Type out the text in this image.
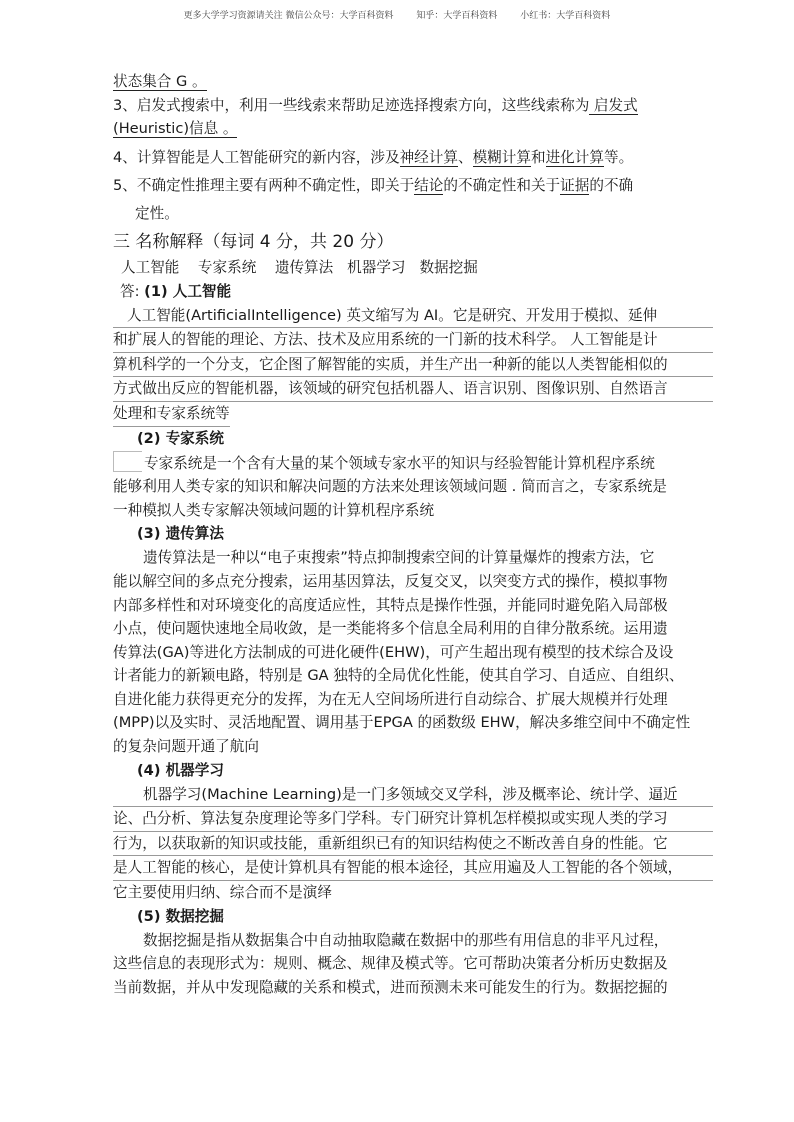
更多大学学习资源请关注 微信公众号：大学百科资料        知乎：大学百科资料        小红书：大学百科资料
状态集合 G 。
3、启发式搜索中，利用一些线索来帮助足迹选择搜索方向，这些线索称为 启发式
(Heuristic)信息 。
4、计算智能是人工智能研究的新内容，涉及神经计算、模糊计算和进化计算等。
5、不确定性推理主要有两种不确定性，即关于结论的不确定性和关于证据的不确
定性。
三 名称解释（每词 4 分，共 20 分）
人工智能    专家系统    遗传算法   机器学习   数据挖掘
答: (1) 人工智能
人工智能(ArtificialIntelligence) 英文缩写为 AI。它是研究、开发用于模拟、延伸
和扩展人的智能的理论、方法、技术及应用系统的一门新的技术科学。 人工智能是计
算机科学的一个分支，它企图了解智能的实质，并生产出一种新的能以人类智能相似的
方式做出反应的智能机器，该领域的研究包括机器人、语言识别、图像识别、自然语言
处理和专家系统等
(2) 专家系统
专家系统是一个含有大量的某个领域专家水平的知识与经验智能计算机程序系统
能够利用人类专家的知识和解决问题的方法来处理该领域问题 . 简而言之，专家系统是
一种模拟人类专家解决领域问题的计算机程序系统
(3) 遗传算法
遗传算法是一种以“电子束搜索”特点抑制搜索空间的计算量爆炸的搜索方法，它
能以解空间的多点充分搜索，运用基因算法，反复交叉，以突变方式的操作，模拟事物
内部多样性和对环境变化的高度适应性，其特点是操作性强，并能同时避免陷入局部极
小点，使问题快速地全局收敛，是一类能将多个信息全局利用的自律分散系统。运用遗
传算法(GA)等进化方法制成的可进化硬件(EHW)，可产生超出现有模型的技术综合及设
计者能力的新颖电路，特别是 GA 独特的全局优化性能，使其自学习、自适应、自组织、
自进化能力获得更充分的发挥，为在无人空间场所进行自动综合、扩展大规模并行处理
(MPP)以及实时、灵活地配置、调用基于EPGA 的函数级 EHW，解决多维空间中不确定性
的复杂问题开通了航向
(4) 机器学习
机器学习(Machine Learning)是一门多领域交叉学科，涉及概率论、统计学、逼近
论、凸分析、算法复杂度理论等多门学科。专门研究计算机怎样模拟或实现人类的学习
行为，以获取新的知识或技能，重新组织已有的知识结构使之不断改善自身的性能。它
是人工智能的核心，是使计算机具有智能的根本途径，其应用遍及人工智能的各个领域，
它主要使用归纳、综合而不是演绎
(5) 数据挖掘
数据挖掘是指从数据集合中自动抽取隐藏在数据中的那些有用信息的非平凡过程，
这些信息的表现形式为：规则、概念、规律及模式等。它可帮助决策者分析历史数据及
当前数据，并从中发现隐藏的关系和模式，进而预测未来可能发生的行为。数据挖掘的
